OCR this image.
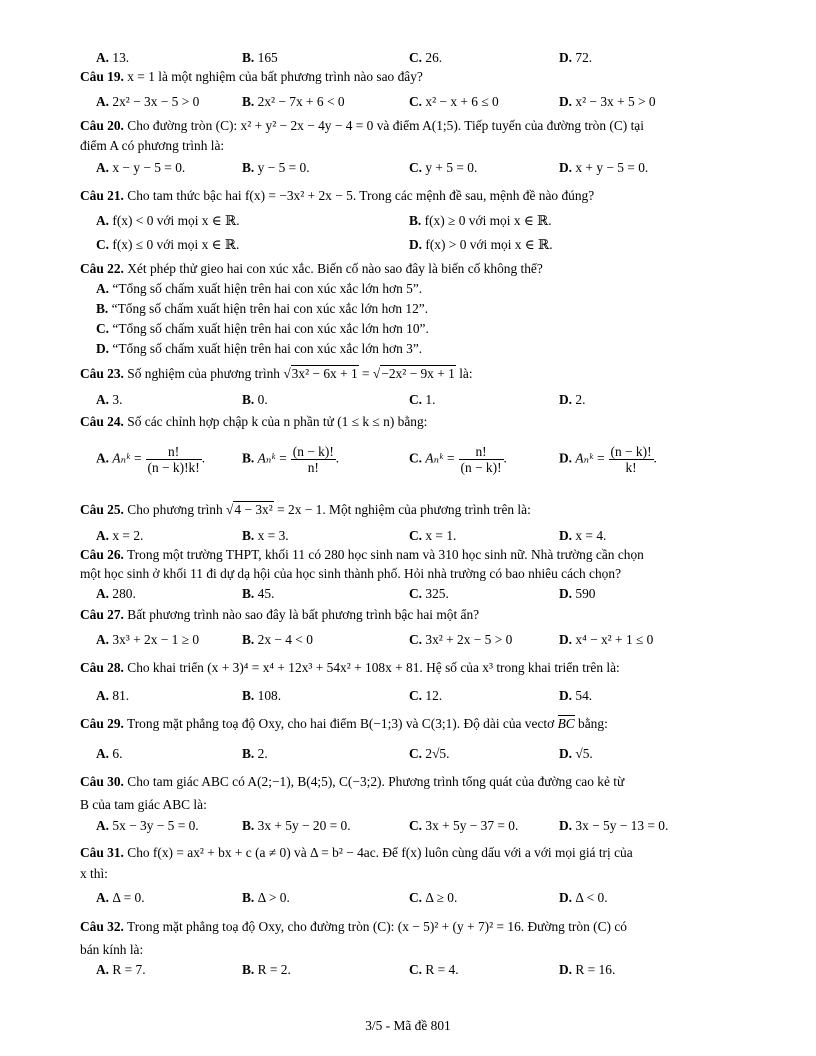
A. 13.	B. 165	C. 26.	D. 72.
Câu 19. x = 1 là một nghiệm của bất phương trình nào sao đây?
A. 2x² − 3x − 5 > 0	B. 2x² − 7x + 6 < 0	C. x² − x + 6 ≤ 0	D. x² − 3x + 5 > 0
Câu 20. Cho đường tròn (C): x² + y² − 2x − 4y − 4 = 0 và điểm A(1;5). Tiếp tuyến của đường tròn (C) tại
điểm A có phương trình là:
A. x − y − 5 = 0.	B. y − 5 = 0.	C. y + 5 = 0.	D. x + y − 5 = 0.
Câu 21. Cho tam thức bậc hai f(x) = −3x² + 2x − 5. Trong các mệnh đề sau, mệnh đề nào đúng?
A. f(x) < 0 với mọi x ∈ ℝ.	B. f(x) ≥ 0 với mọi x ∈ ℝ.
C. f(x) ≤ 0 với mọi x ∈ ℝ.	D. f(x) > 0 với mọi x ∈ ℝ.
Câu 22. Xét phép thử gieo hai con xúc xắc. Biến cố nào sao đây là biến cố không thể?
A. “Tổng số chấm xuất hiện trên hai con xúc xắc lớn hơn 5”.
B. “Tổng số chấm xuất hiện trên hai con xúc xắc lớn hơn 12”.
C. “Tổng số chấm xuất hiện trên hai con xúc xắc lớn hơn 10”.
D. “Tổng số chấm xuất hiện trên hai con xúc xắc lớn hơn 3”.
Câu 23. Số nghiệm của phương trình √3x² − 6x + 1 = √−2x² − 9x + 1 là:
A. 3.	B. 0.	C. 1.	D. 2.
Câu 24. Số các chỉnh hợp chập k của n phần tử (1 ≤ k ≤ n) bằng:
A. Aₙᵏ = $\frac{n!}{(n - k)!k!}$ .	B. Aₙᵏ = $\frac{(n - k)!}{n!}$ .	C. Aₙᵏ = $\frac{n!}{(n - k)!}$ .	D. Aₙᵏ = $\frac{(n - k)!}{k!}$ .
Câu 25. Cho phương trình √4 − 3x² = 2x − 1. Một nghiệm của phương trình trên là:
A. x = 2.	B. x = 3.	C. x = 1.	D. x = 4.
Câu 26. Trong một trường THPT, khối 11 có 280 học sinh nam và 310 học sinh nữ. Nhà trường cần chọn
một học sinh ở khối 11 đi dự dạ hội của học sinh thành phố. Hỏi nhà trường có bao nhiêu cách chọn?
A. 280.	B. 45.	C. 325.	D. 590
Câu 27. Bất phương trình nào sao đây là bất phương trình bậc hai một ẩn?
A. 3x³ + 2x − 1 ≥ 0	B. 2x − 4 < 0	C. 3x² + 2x − 5 > 0	D. x⁴ − x² + 1 ≤ 0
Câu 28. Cho khai triển (x + 3)⁴ = x⁴ + 12x³ + 54x² + 108x + 81. Hệ số của x³ trong khai triển trên là:
A. 81.	B. 108.	C. 12.	D. 54.
Câu 29. Trong mặt phẳng toạ độ Oxy, cho hai điểm B(−1;3) và C(3;1). Độ dài của vectơ BC bằng:
A. 6.	B. 2.	C. 2√5.	D. √5.
Câu 30. Cho tam giác ABC có A(2;−1), B(4;5), C(−3;2). Phương trình tổng quát của đường cao kẻ từ
B của tam giác ABC là:
A. 5x − 3y − 5 = 0.	B. 3x + 5y − 20 = 0.	C. 3x + 5y − 37 = 0.	D. 3x − 5y − 13 = 0.
Câu 31. Cho f(x) = ax² + bx + c (a ≠ 0) và Δ = b² − 4ac. Để f(x) luôn cùng dấu với a với mọi giá trị của
x thì:
A. Δ = 0.	B. Δ > 0.	C. Δ ≥ 0.	D. Δ < 0.
Câu 32. Trong mặt phẳng toạ độ Oxy, cho đường tròn (C): (x − 5)² + (y + 7)² = 16. Đường tròn (C) có
bán kính là:
A. R = 7.	B. R = 2.	C. R = 4.	D. R = 16.
3/5 - Mã đề 801
